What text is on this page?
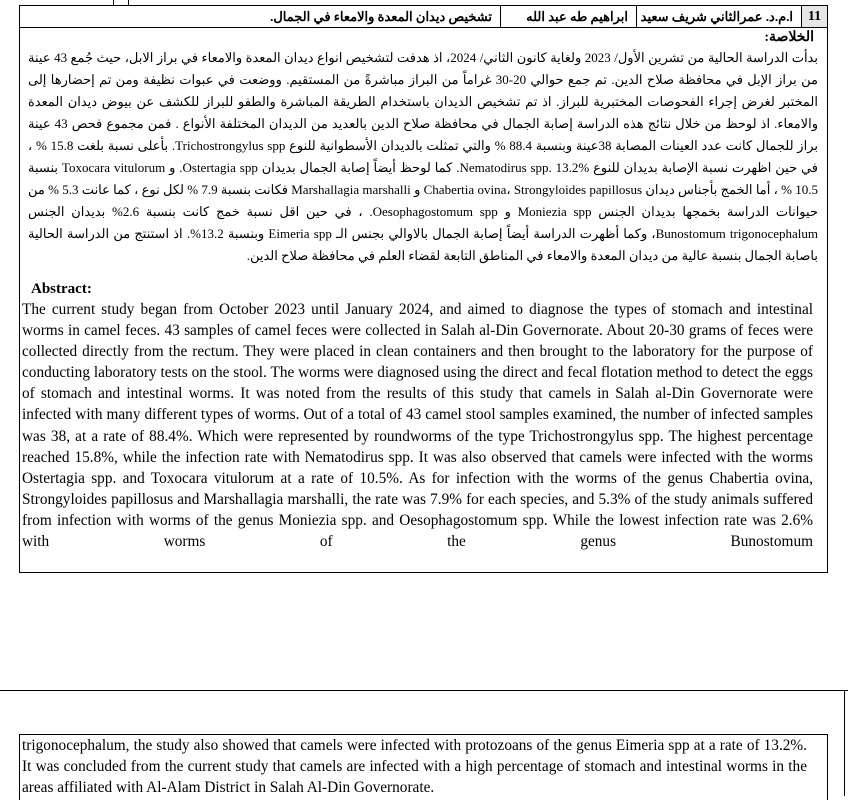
11
ا.م.د. عمرالثاني شريف سعيد
ابراهيم طه عبد الله
تشخيص ديدان المعدة والامعاء في الجمال.
الخلاصة:

بدأت الدراسة الحالية من تشرين الأول/ 2023 ولغاية كانون الثاني/ 2024، اذ هدفت لتشخيص انواع ديدان المعدة والامعاء في براز الابل، حيث جُمع 43 عينة من براز الإبل في محافظة صلاح الدين. تم جمع حوالي 20-30 غراماً من البراز مباشرةً من المستقيم. ووضعت في عبوات نظيفة ومن تم إحضارها إلى المختبر لغرض إجراء الفحوصات المختبرية للبراز. اذ تم تشخيص الديدان باستخدام الطريقة المباشرة والطفو للبراز للكشف عن بيوض ديدان المعدة والامعاء. اذ لوحظ من خلال نتائج هذه الدراسة إصابة الجمال في محافظة صلاح الدين بالعديد من الديدان المختلفة الأنواع . فمن مجموع فحص 43 عينة براز للجمال كانت عدد العينات المصابة 38عينة وبنسبة 88.4 % والتي تمثلت بالديدان الأسطوانية للنوع Trichostrongylus spp. بأعلى نسبة بلغت 15.8 % ، في حين اظهرت نسبة الإصابة بديدان للنوع Nematodirus spp. 13.2%. كما لوحظ أيضاً إصابة الجمال بديدان Ostertagia spp. و Toxocara vitulorum بنسبة 10.5 % ، أما الخمج بأجناس ديدان Chabertia ovina، Strongyloides papillosus و Marshallagia marshalli فكانت بنسبة 7.9 % لكل نوع ، كما عانت 5.3 % من حيوانات الدراسة بخمجها بديدان الجنس Moniezia spp و Oesophagostomum spp. ، في حين اقل نسبة خمج كانت بنسبة 2.6% بديدان الجنس Bunostomum trigonocephalum، وكما أظهرت الدراسة أيضاً إصابة الجمال بالاوالي بجنس الـ Eimeria spp وبنسبة 13.2%. اذ استنتج من الدراسة الحالية باصابة الجمال بنسبة عالية من ديدان المعدة والامعاء في المناطق التابعة لقضاء العلم في محافظة صلاح الدين.

Abstract:

The current study began from October 2023 until January 2024, and aimed to diagnose the types of stomach and intestinal worms in camel feces. 43 samples of camel feces were collected in Salah al-Din Governorate. About 20-30 grams of feces were collected directly from the rectum. They were placed in clean containers and then brought to the laboratory for the purpose of conducting laboratory tests on the stool. The worms were diagnosed using the direct and fecal flotation method to detect the eggs of stomach and intestinal worms. It was noted from the results of this study that camels in Salah al-Din Governorate were infected with many different types of worms. Out of a total of 43 camel stool samples examined, the number of infected samples was 38, at a rate of 88.4%. Which were represented by roundworms of the type Trichostrongylus spp. The highest percentage reached 15.8%, while the infection rate with Nematodirus spp. It was also observed that camels were infected with the worms Ostertagia spp. and Toxocara vitulorum at a rate of 10.5%. As for infection with the worms of the genus Chabertia ovina, Strongyloides papillosus and Marshallagia marshalli, the rate was 7.9% for each species, and 5.3% of the study animals suffered from infection with worms of the genus Moniezia spp. and Oesophagostomum spp. While the lowest infection rate was 2.6% with worms of the genus Bunostomum

trigonocephalum, the study also showed that camels were infected with protozoans of the genus Eimeria spp at a rate of 13.2%. It was concluded from the current study that camels are infected with a high percentage of stomach and intestinal worms in the areas affiliated with Al-Alam District in Salah Al-Din Governorate.
